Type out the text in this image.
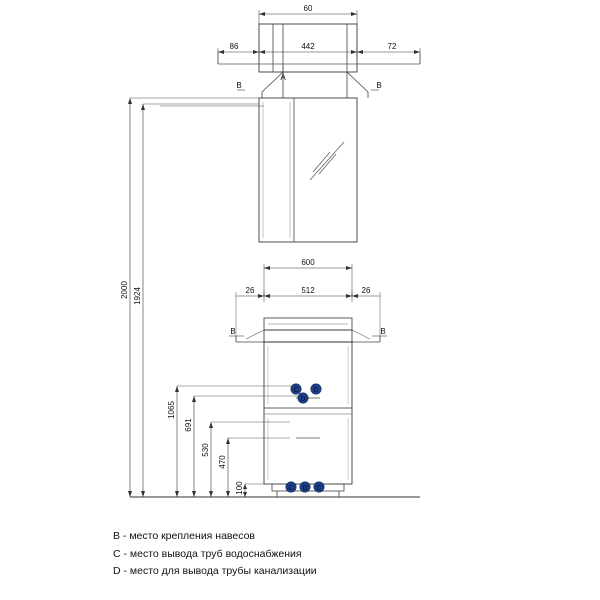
C C
D
C D C
60
86	442	72
A
B	B
600
26	512	26
B	B
2000 1924
1065
691
530
470
100
B - место крепления навесов
C - место вывода труб водоснабжения
D - место для вывода трубы канализации
